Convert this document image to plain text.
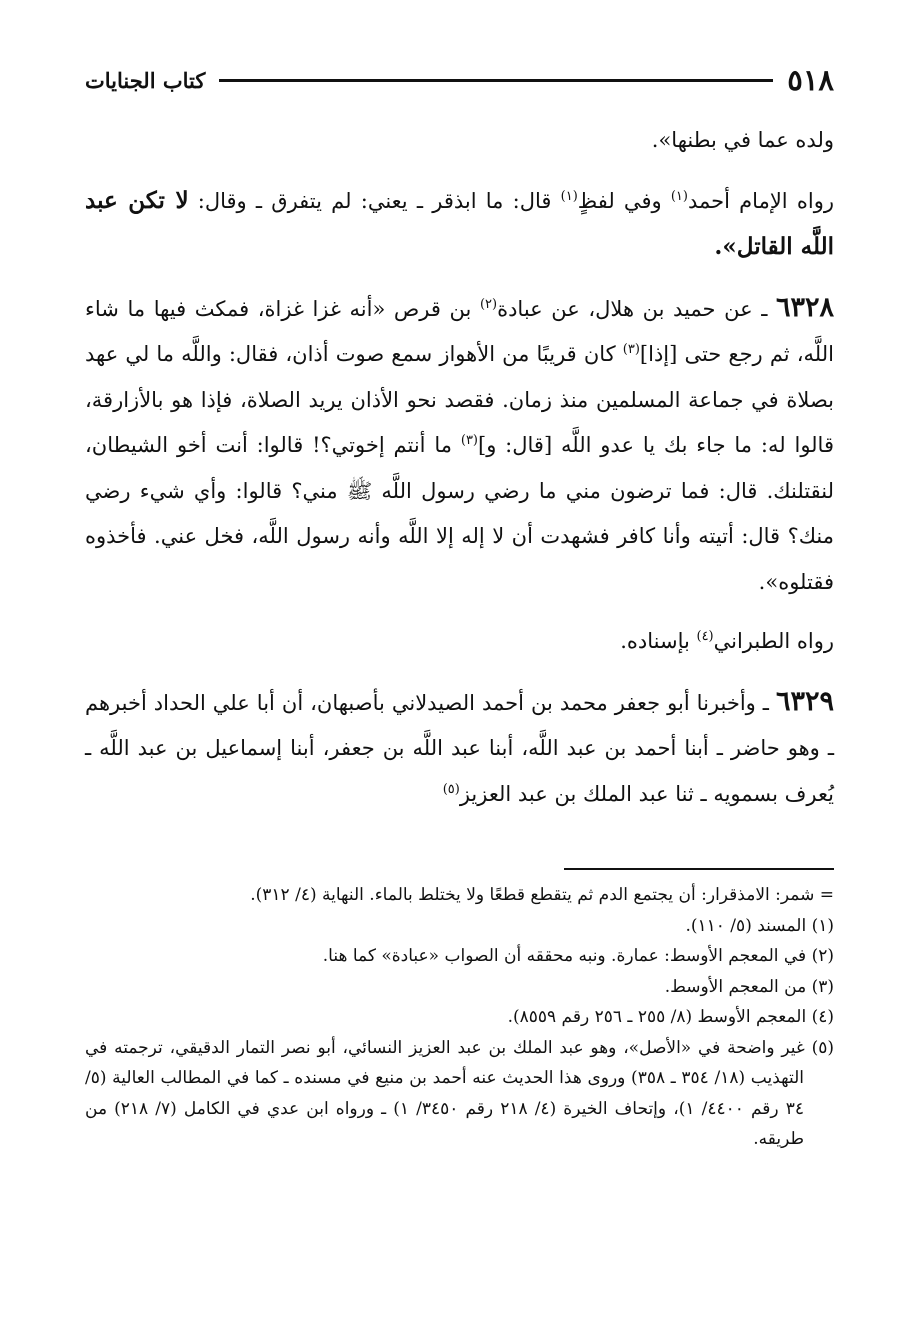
٥١٨
كتاب الجنايات

ولده عما في بطنها».

رواه الإمام أحمد$^{(١)}$ وفي لفظٍ$^{(١)}$ قال: ما ابذقر ـ يعني: لم يتفرق ـ وقال: لا تكن عبد اللَّه القاتل».

٦٣٢٨ ـ عن حميد بن هلال، عن عبادة$^{(٢)}$ بن قرص «أنه غزا غزاة، فمكث فيها ما شاء اللَّه، ثم رجع حتى [إذا]$^{(٣)}$ كان قريبًا من الأهواز سمع صوت أذان، فقال: واللَّه ما لي عهد بصلاة في جماعة المسلمين منذ زمان. فقصد نحو الأذان يريد الصلاة، فإذا هو بالأزارقة، قالوا له: ما جاء بك يا عدو اللَّه [قال: و]$^{(٣)}$ ما أنتم إخوتي؟! قالوا: أنت أخو الشيطان، لنقتلنك. قال: فما ترضون مني ما رضي رسول اللَّه ﷺ مني؟ قالوا: وأي شيء رضي منك؟ قال: أتيته وأنا كافر فشهدت أن لا إله إلا اللَّه وأنه رسول اللَّه، فخل عني. فأخذوه فقتلوه».

رواه الطبراني$^{(٤)}$ بإسناده.

٦٣٢٩ ـ وأخبرنا أبو جعفر محمد بن أحمد الصيدلاني بأصبهان، أن أبا علي الحداد أخبرهم ـ وهو حاضر ـ أبنا أحمد بن عبد اللَّه، أبنا عبد اللَّه بن جعفر، أبنا إسماعيل بن عبد اللَّه ـ يُعرف بسمويه ـ ثنا عبد الملك بن عبد العزيز$^{(٥)}$

= شمر: الامذقرار: أن يجتمع الدم ثم يتقطع قطعًا ولا يختلط بالماء. النهاية (٤/ ٣١٢).

(١) المسند (٥/ ١١٠).

(٢) في المعجم الأوسط: عمارة. ونبه محققه أن الصواب «عبادة» كما هنا.

(٣) من المعجم الأوسط.

(٤) المعجم الأوسط (٨/ ٢٥٥ ـ ٢٥٦ رقم ٨٥٥٩).

(٥) غير واضحة في «الأصل»، وهو عبد الملك بن عبد العزيز النسائي، أبو نصر التمار الدقيقي، ترجمته في التهذيب (١٨/ ٣٥٤ ـ ٣٥٨) وروى هذا الحديث عنه أحمد بن منيع في مسنده ـ كما في المطالب العالية (٥/ ٣٤ رقم ٤٤٠٠/ ١)، وإتحاف الخيرة (٤/ ٢١٨ رقم ٣٤٥٠/ ١) ـ ورواه ابن عدي في الكامل (٧/ ٢١٨) من طريقه.
